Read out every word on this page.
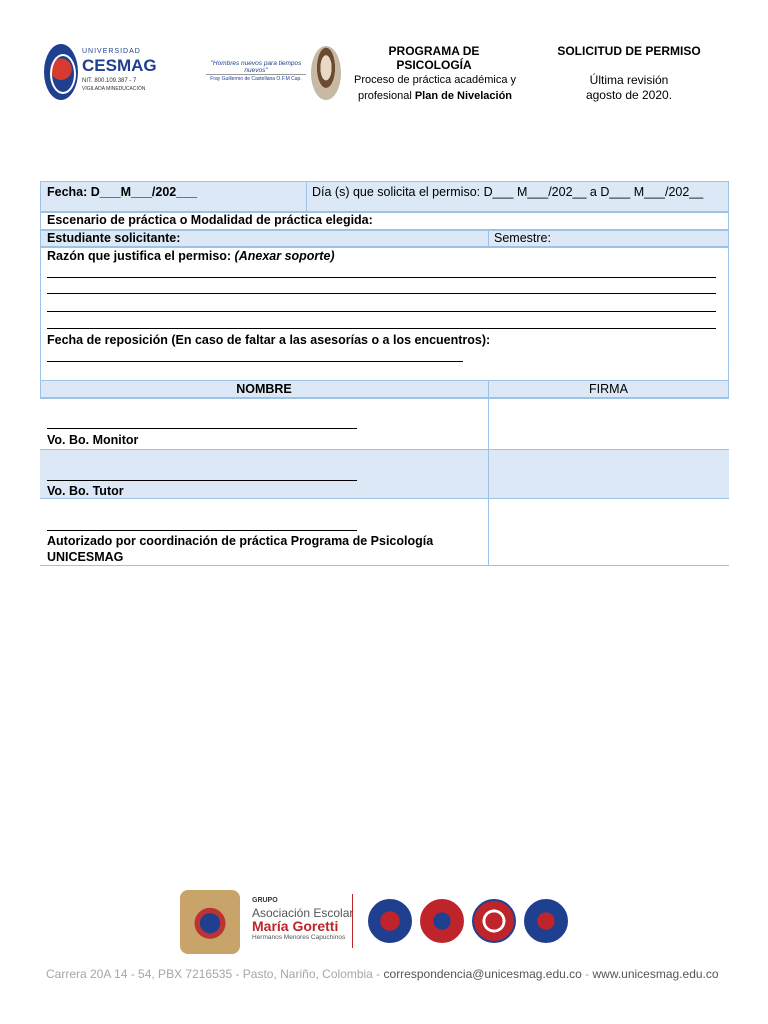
UNIVERSIDAD
CESMAG
NIT. 800.109.387 - 7
VIGILADA MINEDUCACIÓN
"Hombres nuevos para tiempos nuevos"
Fray Guillermo de Castellana O.F.M Cap.
PROGRAMA DE PSICOLOGÍA
Proceso de práctica académica y
profesional Plan de Nivelación
SOLICITUD DE PERMISO
Última revisión
agosto de 2020.
Fecha: D___M___/202___	Día (s) que solicita el permiso: D___ M___/202__ a D___ M___/202__
Escenario de práctica o Modalidad de práctica elegida:
Estudiante solicitante:	Semestre:
Razón que justifica el permiso: (Anexar soporte)
Fecha de reposición (En caso de faltar a las asesorías o a los encuentros):
NOMBRE	FIRMA
Vo. Bo. Monitor
Vo. Bo. Tutor
Autorizado por coordinación de práctica Programa de Psicología
UNICESMAG
GRUPO
Asociación Escolar
María Goretti
Hermanos Menores Capuchinos
Carrera 20A 14 - 54, PBX 7216535 - Pasto, Nariño, Colombia - correspondencia@unicesmag.edu.co - www.unicesmag.edu.co
